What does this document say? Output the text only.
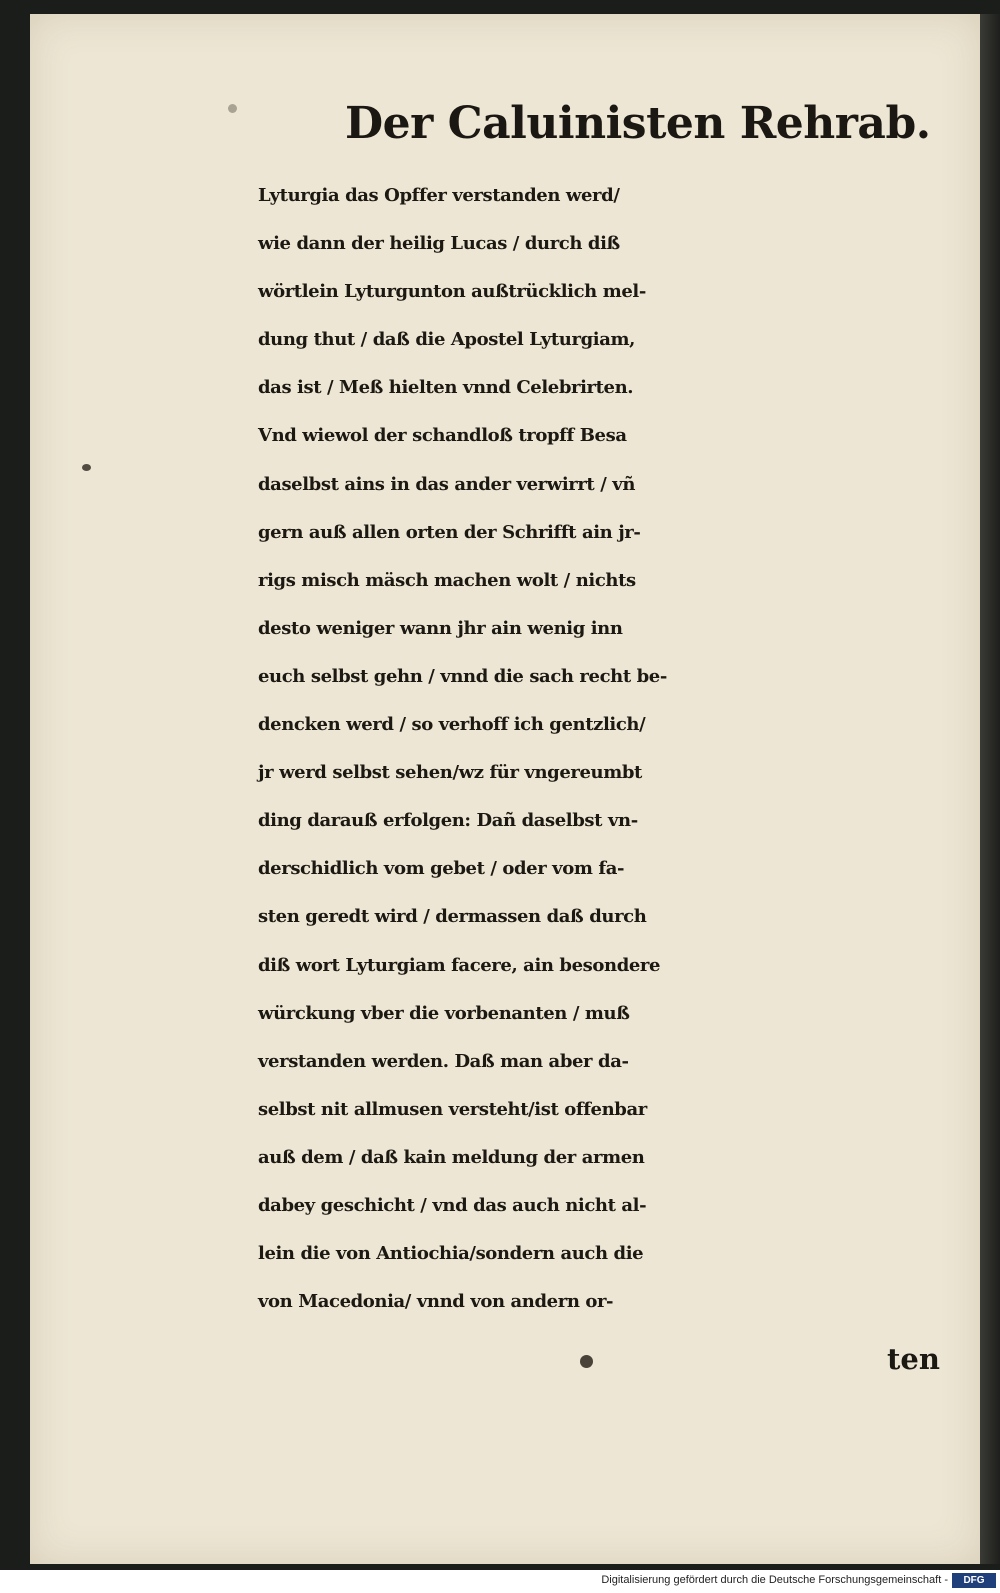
Der Caluinisten Rehrab.
Lyturgia das Opffer verstanden werd/
wie dann der heilig Lucas / durch diß
wörtlein Lyturgunton außtrücklich mel-
dung thut / daß die Apostel Lyturgiam,
das ist / Meß hielten vnnd Celebrirten.
Vnd wiewol der schandloß tropff Besa
daselbst ains in das ander verwirrt / vñ
gern auß allen orten der Schrifft ain jr-
rigs misch mäsch machen wolt / nichts
desto weniger wann jhr ain wenig inn
euch selbst gehn / vnnd die sach recht be-
dencken werd / so verhoff ich gentzlich/
jr werd selbst sehen/wz für vngereumbt
ding darauß erfolgen: Dañ daselbst vn-
derschidlich vom gebet / oder vom fa-
sten geredt wird / dermassen daß durch
diß wort Lyturgiam facere, ain besondere
würckung vber die vorbenanten / muß
verstanden werden. Daß man aber da-
selbst nit allmusen versteht/ist offenbar
auß dem / daß kain meldung der armen
dabey geschicht / vnd das auch nicht al-
lein die von Antiochia/sondern auch die
von Macedonia/ vnnd von andern or-
ten
Digitalisierung gefördert durch die Deutsche Forschungsgemeinschaft -	DFG
